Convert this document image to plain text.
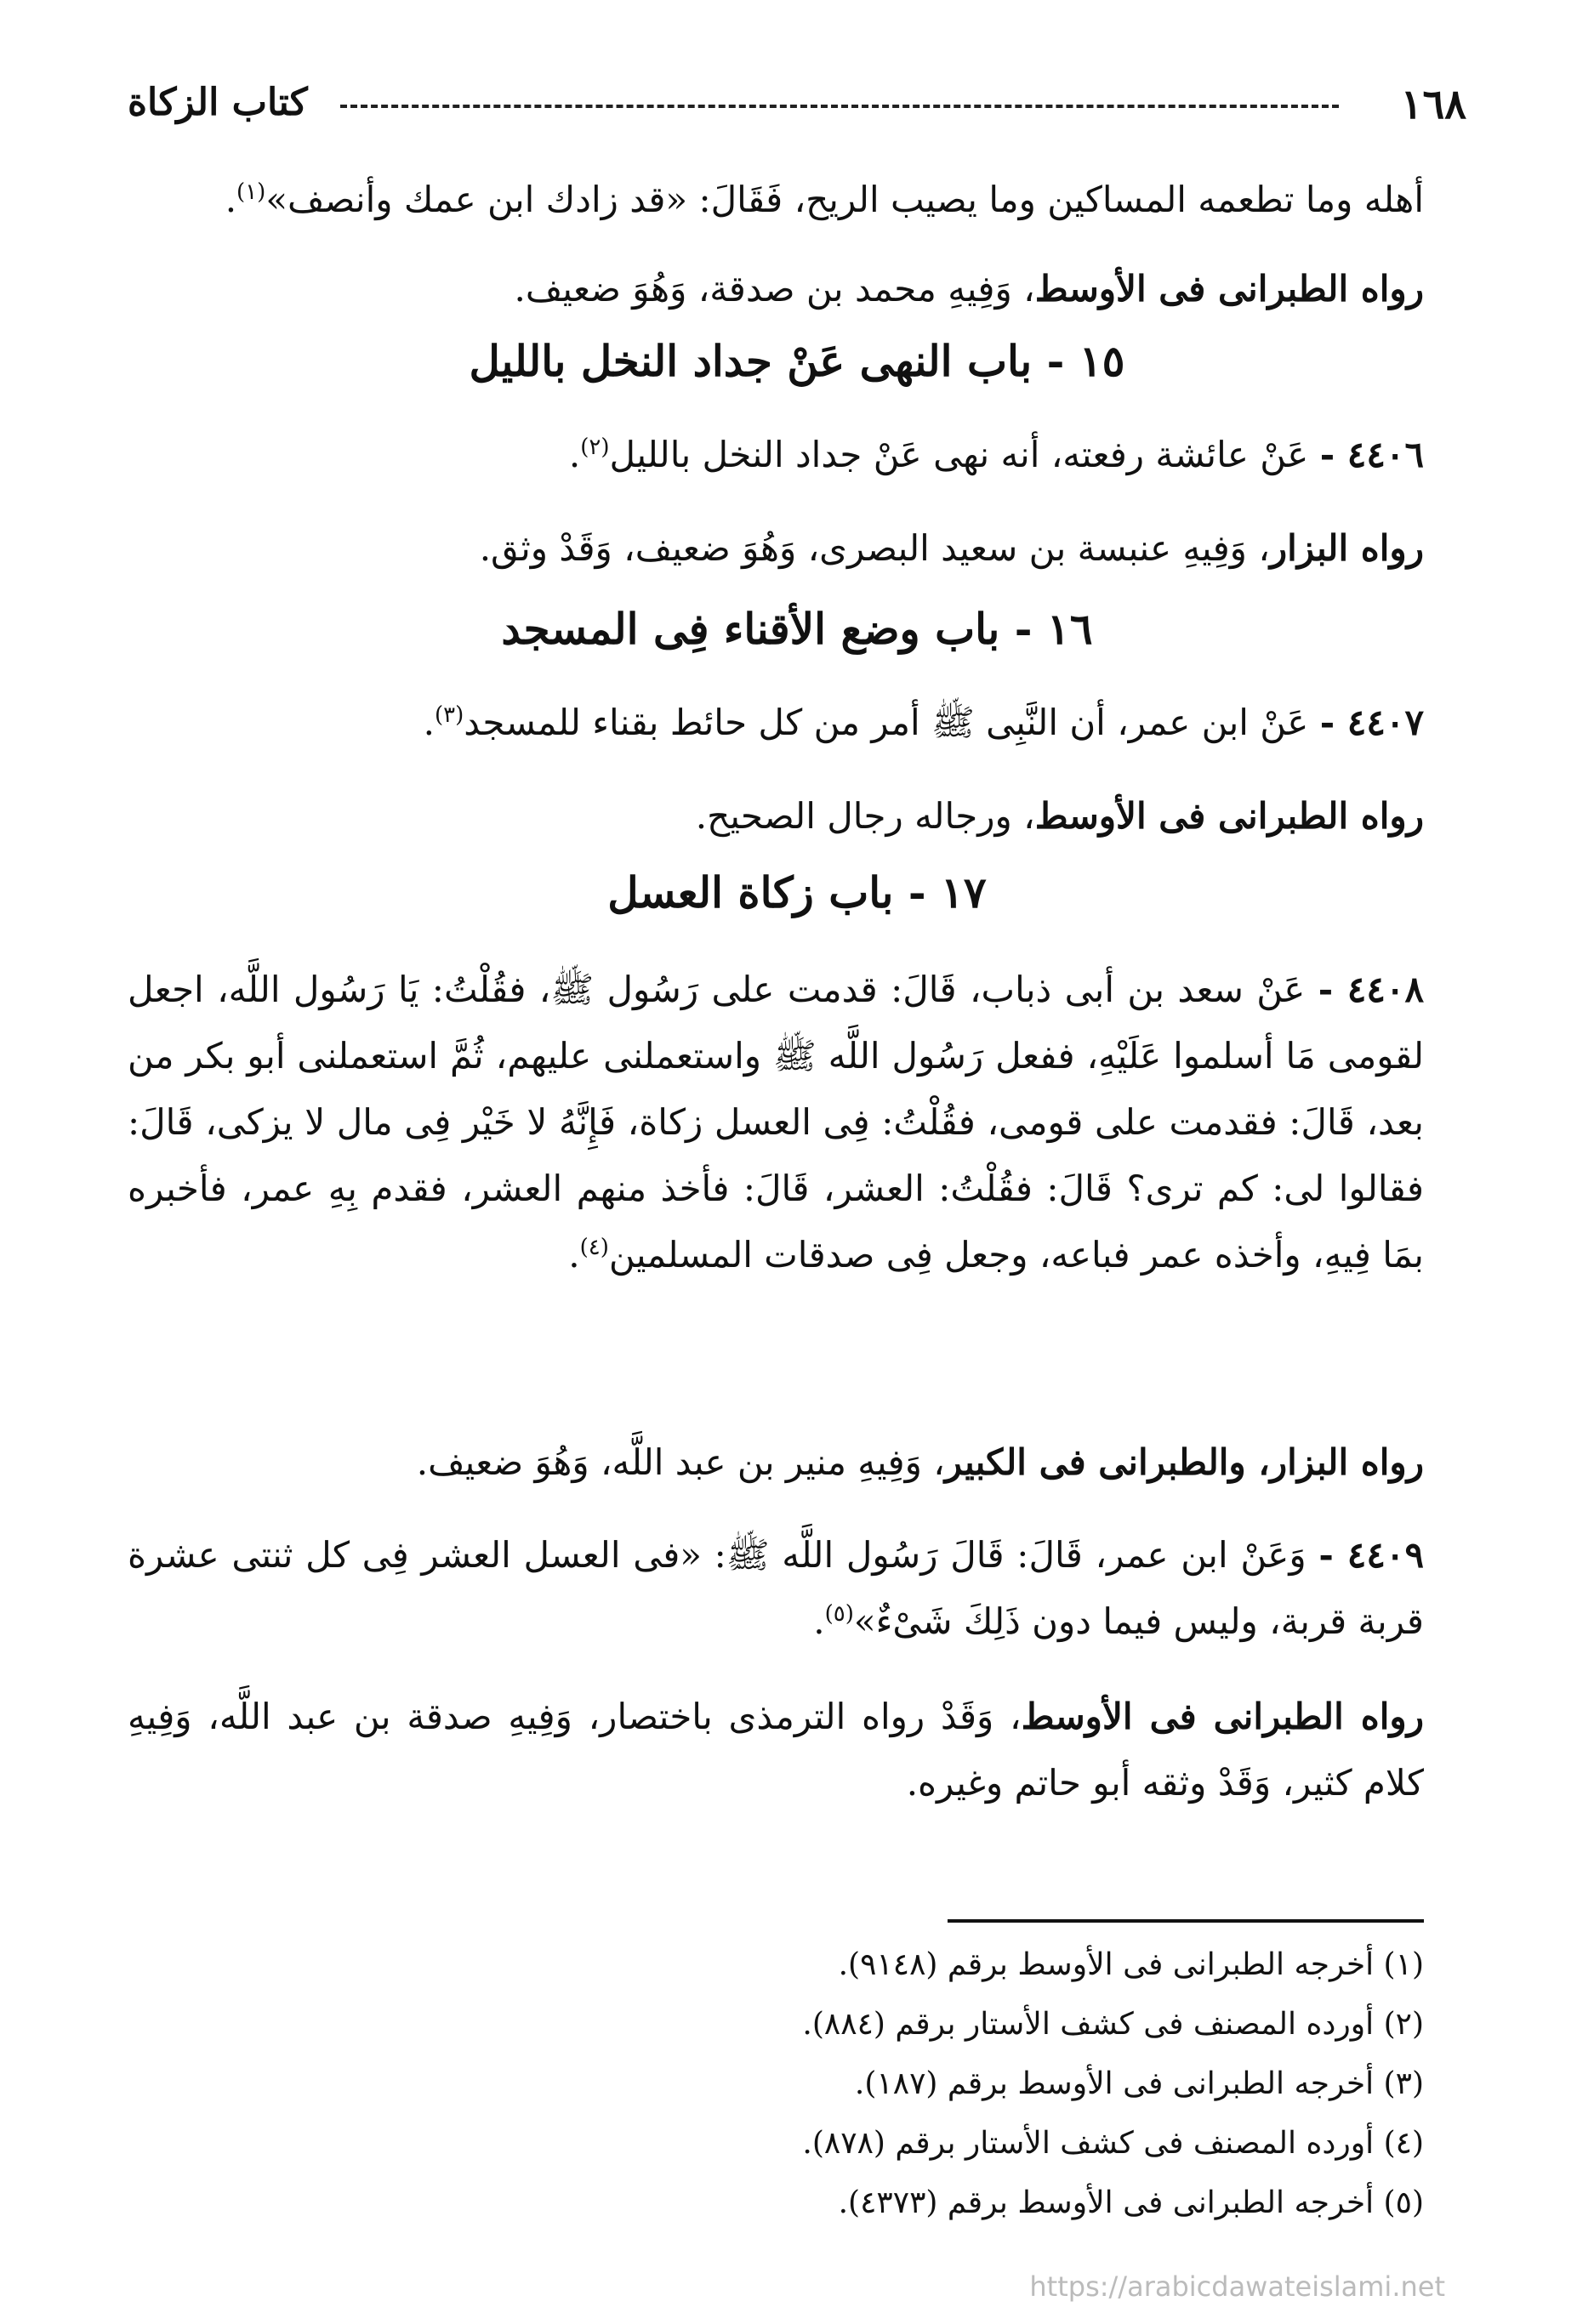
١٦٨
كتاب الزكاة
أهله وما تطعمه المساكين وما يصيب الريح، فَقَالَ: «قد زادك ابن عمك وأنصف»$^{(١)}$.
رواه الطبرانى فى الأوسط، وَفِيهِ محمد بن صدقة، وَهُوَ ضعيف.
١٥ - باب النهى عَنْ جداد النخل بالليل
٤٤٠٦ - عَنْ عائشة رفعته، أنه نهى عَنْ جداد النخل بالليل$^{(٢)}$.
رواه البزار، وَفِيهِ عنبسة بن سعيد البصرى، وَهُوَ ضعيف، وَقَدْ وثق.
١٦ - باب وضع الأقناء فِى المسجد
٤٤٠٧ - عَنْ ابن عمر، أن النَّبِى ﷺ أمر من كل حائط بقناء للمسجد$^{(٣)}$.
رواه الطبرانى فى الأوسط، ورجاله رجال الصحيح.
١٧ - باب زكاة العسل
٤٤٠٨ - عَنْ سعد بن أبى ذباب، قَالَ: قدمت على رَسُول ﷺ، فقُلْتُ: يَا رَسُول اللَّه، اجعل لقومى مَا أسلموا عَلَيْهِ، ففعل رَسُول اللَّه ﷺ واستعملنى عليهم، ثُمَّ استعملنى أبو بكر من بعد، قَالَ: فقدمت على قومى، فقُلْتُ: فِى العسل زكاة، فَإِنَّهُ لا خَيْر فِى مال لا يزكى، قَالَ: فقالوا لى: كم ترى؟ قَالَ: فقُلْتُ: العشر، قَالَ: فأخذ منهم العشر، فقدم بِهِ عمر، فأخبره بمَا فِيهِ، وأخذه عمر فباعه، وجعل فِى صدقات المسلمين$^{(٤)}$.
رواه البزار، والطبرانى فى الكبير، وَفِيهِ منير بن عبد اللَّه، وَهُوَ ضعيف.
٤٤٠٩ - وَعَنْ ابن عمر، قَالَ: قَالَ رَسُول اللَّه ﷺ: «فى العسل العشر فِى كل ثنتى عشرة قربة قربة، وليس فيما دون ذَلِكَ شَىْءٌ»$^{(٥)}$.
رواه الطبرانى فى الأوسط، وَقَدْ رواه الترمذى باختصار، وَفِيهِ صدقة بن عبد اللَّه، وَفِيهِ كلام كثير، وَقَدْ وثقه أبو حاتم وغيره.
(١) أخرجه الطبرانى فى الأوسط برقم (٩١٤٨).
(٢) أورده المصنف فى كشف الأستار برقم (٨٨٤).
(٣) أخرجه الطبرانى فى الأوسط برقم (١٨٧).
(٤) أورده المصنف فى كشف الأستار برقم (٨٧٨).
(٥) أخرجه الطبرانى فى الأوسط برقم (٤٣٧٣).
https://arabicdawateislami.net
